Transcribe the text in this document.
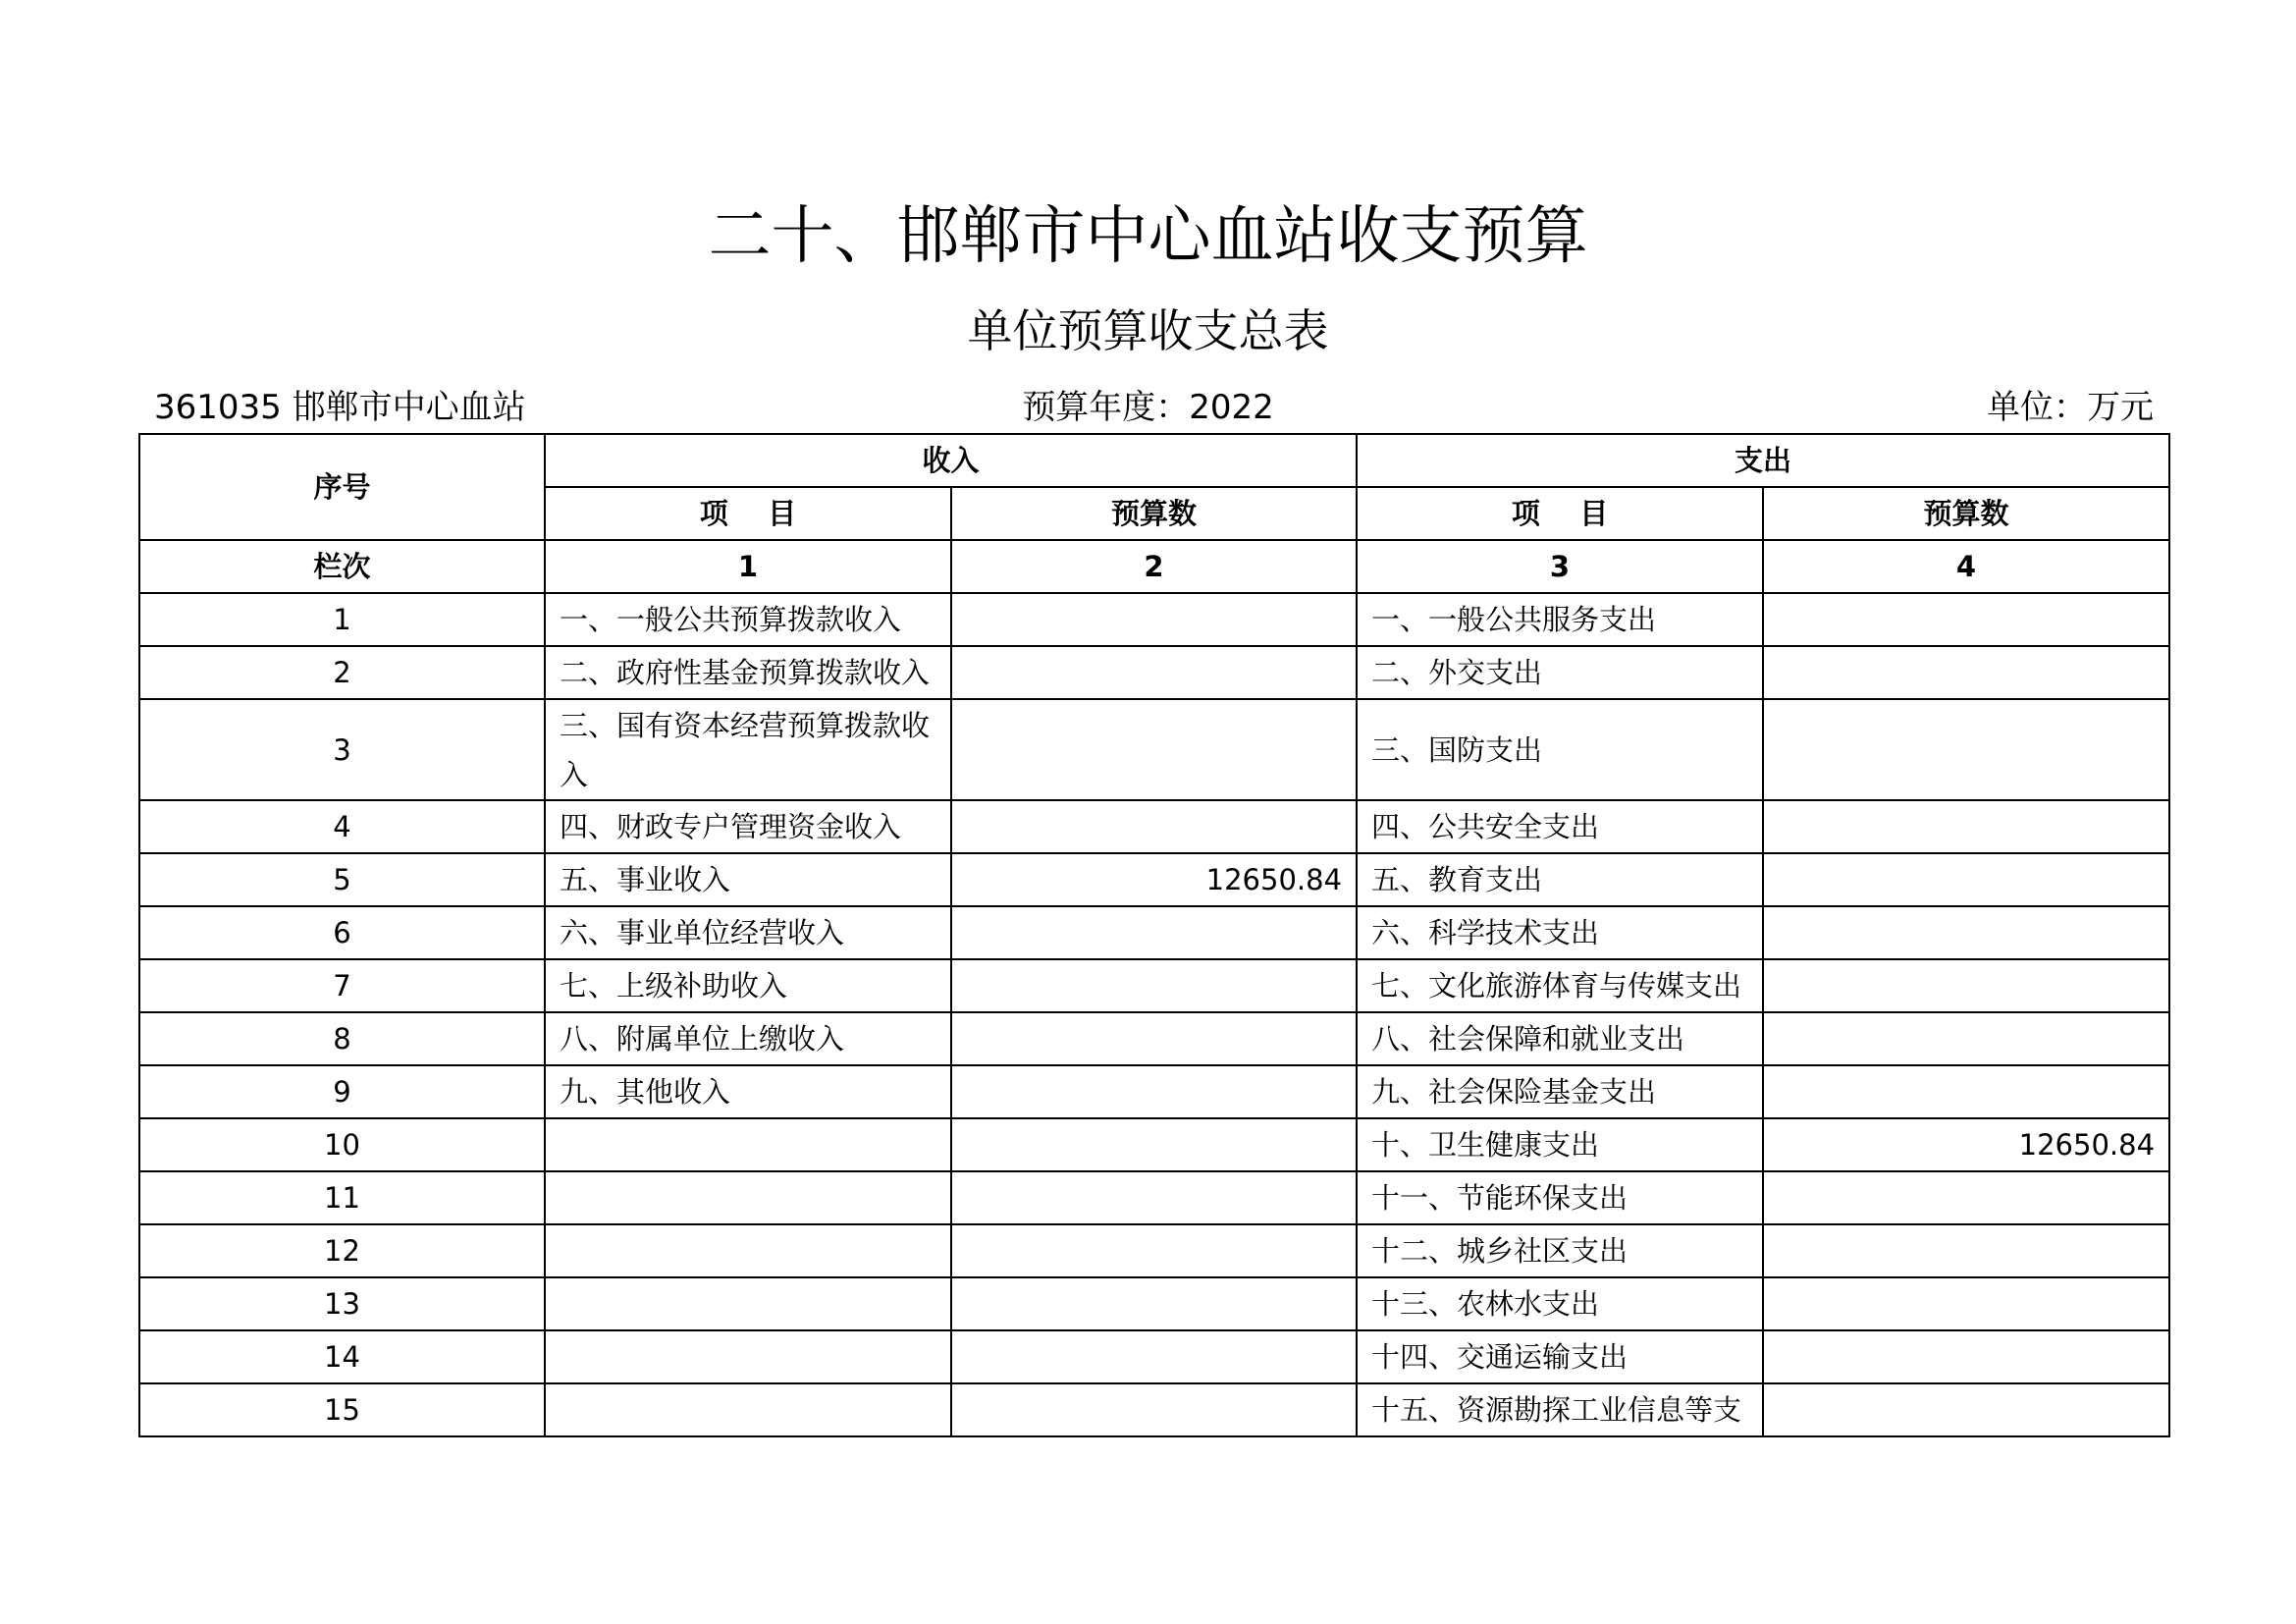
二十、邯郸市中心血站收支预算
单位预算收支总表
361035 邯郸市中心血站	预算年度：2022	单位：万元
序号	收入		支出	
	项    目	预算数	项    目	预算数
栏次	1	2	3	4
1	一、一般公共预算拨款收入		一、一般公共服务支出	
2	二、政府性基金预算拨款收入		二、外交支出	
3	三、国有资本经营预算拨款收入		三、国防支出	
4	四、财政专户管理资金收入		四、公共安全支出	
5	五、事业收入	12650.84	五、教育支出	
6	六、事业单位经营收入		六、科学技术支出	
7	七、上级补助收入		七、文化旅游体育与传媒支出	
8	八、附属单位上缴收入		八、社会保障和就业支出	
9	九、其他收入		九、社会保险基金支出	
10			十、卫生健康支出	12650.84
11			十一、节能环保支出	
12			十二、城乡社区支出	
13			十三、农林水支出	
14			十四、交通运输支出	
15			十五、资源勘探工业信息等支	
